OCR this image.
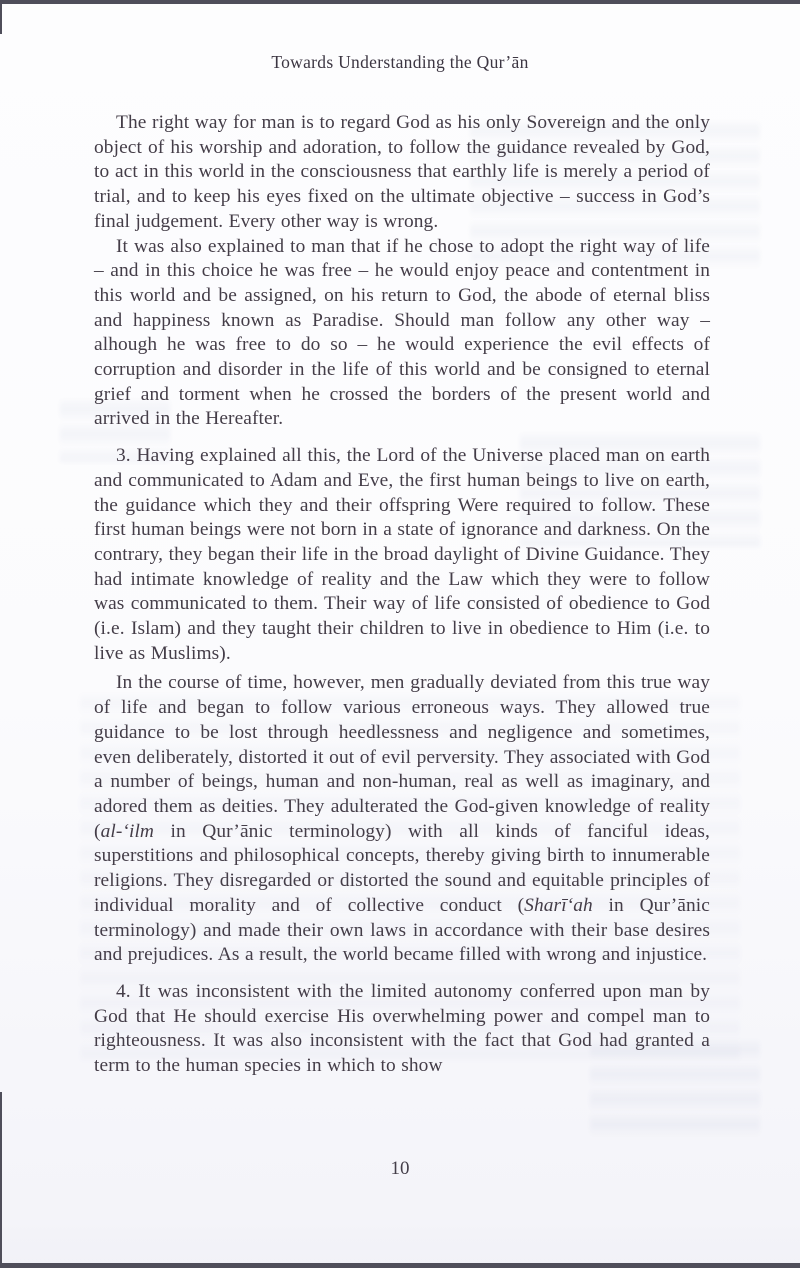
Towards Understanding the Qur’ān

The right way for man is to regard God as his only Sovereign and the only object of his worship and adoration, to follow the guidance revealed by God, to act in this world in the consciousness that earthly life is merely a period of trial, and to keep his eyes fixed on the ultimate objective – success in God’s final judgement. Every other way is wrong.

It was also explained to man that if he chose to adopt the right way of life – and in this choice he was free – he would enjoy peace and contentment in this world and be assigned, on his return to God, the abode of eternal bliss and happiness known as Paradise. Should man follow any other way – alhough he was free to do so – he would experience the evil effects of corruption and disorder in the life of this world and be consigned to eternal grief and torment when he crossed the borders of the present world and arrived in the Hereafter.

3. Having explained all this, the Lord of the Universe placed man on earth and communicated to Adam and Eve, the first human beings to live on earth, the guidance which they and their offspring Were required to follow. These first human beings were not born in a state of ignorance and darkness. On the contrary, they began their life in the broad daylight of Divine Guidance. They had intimate knowledge of reality and the Law which they were to follow was communicated to them. Their way of life consisted of obedience to God (i.e. Islam) and they taught their children to live in obedience to Him (i.e. to live as Muslims).

In the course of time, however, men gradually deviated from this true way of life and began to follow various erroneous ways. They allowed true guidance to be lost through heedlessness and negligence and sometimes, even deliberately, distorted it out of evil perversity. They associated with God a number of beings, human and non-human, real as well as imaginary, and adored them as deities. They adulterated the God-given knowledge of reality (al-‘ilm in Qur’ānic terminology) with all kinds of fanciful ideas, superstitions and philosophical concepts, thereby giving birth to innumerable religions. They disregarded or distorted the sound and equitable principles of individual morality and of collective conduct (Sharī‘ah in Qur’ānic terminology) and made their own laws in accordance with their base desires and prejudices. As a result, the world became filled with wrong and injustice.

4. It was inconsistent with the limited autonomy conferred upon man by God that He should exercise His overwhelming power and compel man to righteousness. It was also inconsistent with the fact that God had granted a term to the human species in which to show

10
